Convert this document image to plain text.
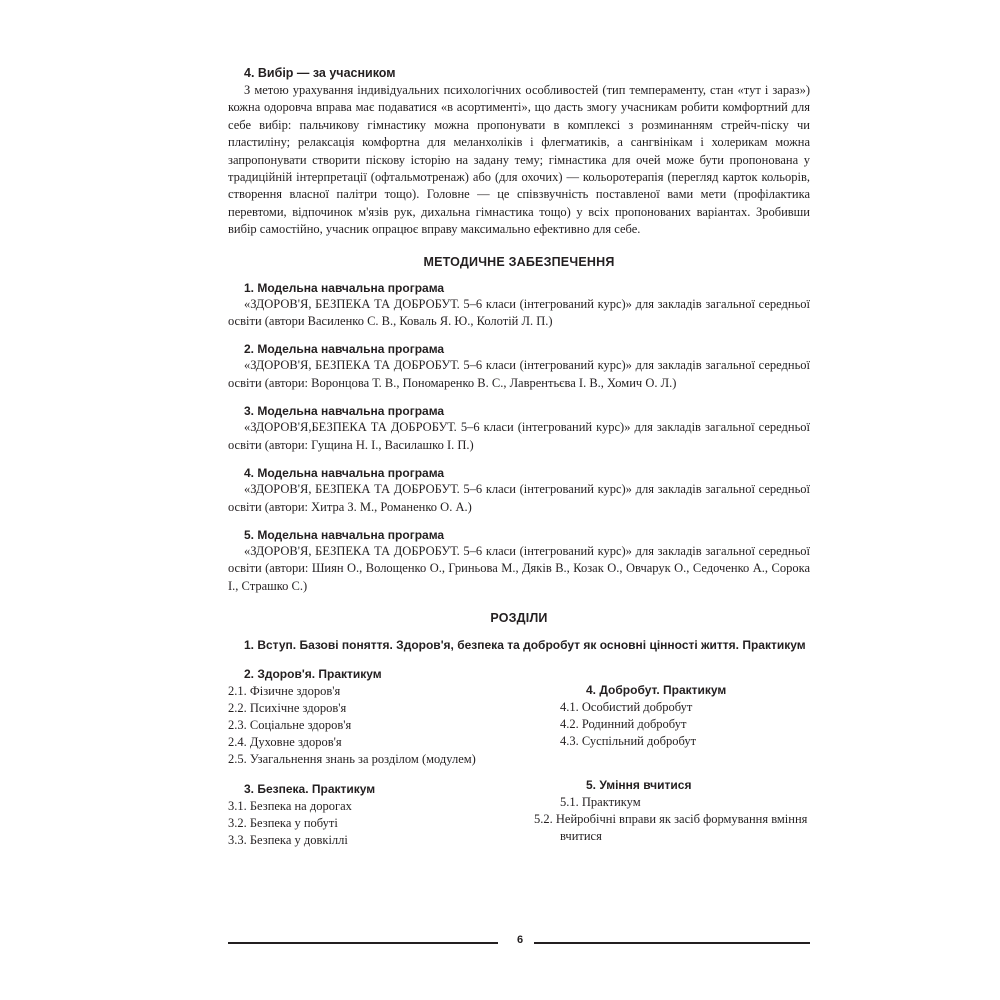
4. Вибір — за учасником

З метою урахування індивідуальних психологічних особливостей (тип темпераменту, стан «тут і зараз») кожна одоровча вправа має подаватися «в асортименті», що дасть змогу учасникам робити комфортний для себе вибір: пальчикову гімнастику можна пропонувати в комплексі з розминанням стрейч-піску чи пластиліну; релаксація комфортна для меланхоліків і флегматиків, а сангвінікам і холерикам можна запропонувати створити піскову історію на задану тему; гімнастика для очей може бути пропонована у традиційній інтерпретації (офтальмотренаж) або (для охочих) — кольоротерапія (перегляд карток кольорів, створення власної палітри тощо). Головне — це співзвучність поставленої вами мети (профілактика перевтоми, відпочинок м'язів рук, дихальна гімнастика тощо) у всіх пропонованих варіантах. Зробивши вибір самостійно, учасник опрацює вправу максимально ефективно для себе.

МЕТОДИЧНЕ ЗАБЕЗПЕЧЕННЯ
1. Модельна навчальна програма

«ЗДОРОВ'Я, БЕЗПЕКА ТА ДОБРОБУТ. 5–6 класи (інтегрований курс)» для закладів загальної середньої освіти (автори Василенко С. В., Коваль Я. Ю., Колотій Л. П.)

2. Модельна навчальна програма

«ЗДОРОВ'Я, БЕЗПЕКА ТА ДОБРОБУТ. 5–6 класи (інтегрований курс)» для закладів загальної середньої освіти (автори: Воронцова Т. В., Пономаренко В. С., Лаврентьєва І. В., Хомич О. Л.)

3. Модельна навчальна програма

«ЗДОРОВ'Я,БЕЗПЕКА ТА ДОБРОБУТ. 5–6 класи (інтегрований курс)» для закладів загальної середньої освіти (автори: Гущина Н. І., Василашко І. П.)

4. Модельна навчальна програма

«ЗДОРОВ'Я, БЕЗПЕКА ТА ДОБРОБУТ. 5–6 класи (інтегрований курс)» для закладів загальної середньої освіти (автори: Хитра З. М., Романенко О. А.)

5. Модельна навчальна програма

«ЗДОРОВ'Я, БЕЗПЕКА ТА ДОБРОБУТ. 5–6 класи (інтегрований курс)» для закладів загальної середньої освіти (автори: Шиян О., Волощенко О., Гриньова М., Дяків В., Козак О., Овчарук О., Седоченко А., Сорока І., Страшко С.)

РОЗДІЛИ
1. Вступ. Базові поняття. Здоров'я, безпека та добробут як основні цінності життя. Практикум
2. Здоров'я. Практикум
2.1. Фізичне здоров'я
2.2. Психічне здоров'я
2.3. Соціальне здоров'я
2.4. Духовне здоров'я
2.5. Узагальнення знань за розділом (модулем)
3. Безпека. Практикум
3.1. Безпека на дорогах
3.2. Безпека у побуті
3.3. Безпека у довкіллі
4. Добробут. Практикум
4.1. Особистий добробут
4.2. Родинний добробут
4.3. Суспільний добробут
5. Уміння вчитися
5.1. Практикум
5.2. Нейробічні вправи як засіб формування вміння вчитися
6
